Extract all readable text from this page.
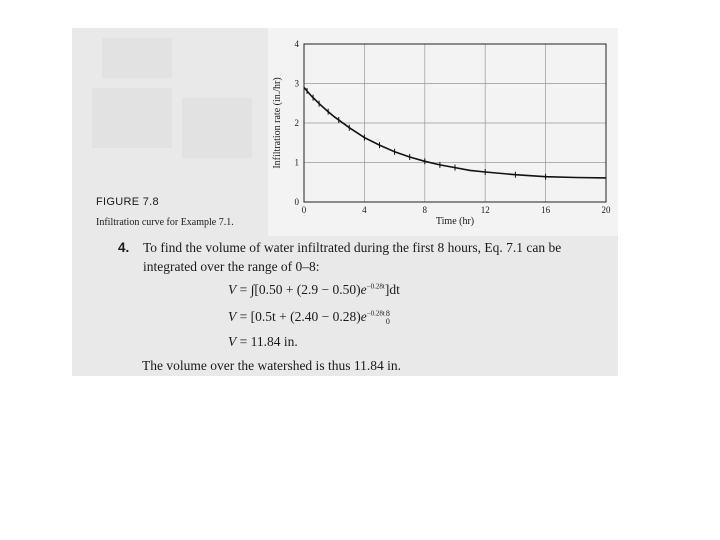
FIGURE 7.8
Infiltration curve for Example 7.1.
0	4	8	12	16	20
0
1
2
3
4
Time (hr)
Infiltration rate (in./hr)
4. To find the volume of water infiltrated during the first 8 hours, Eq. 7.1 can be integrated over the range of 0–8:
$V = \int[0.50 + (2.9 - 0.50)e^{-0.28t}]dt$
$V = [0.5t + (2.40 - 0.28)e^{-0.28t}$ 8
0
V = 11.84 in.
The volume over the watershed is thus 11.84 in.
